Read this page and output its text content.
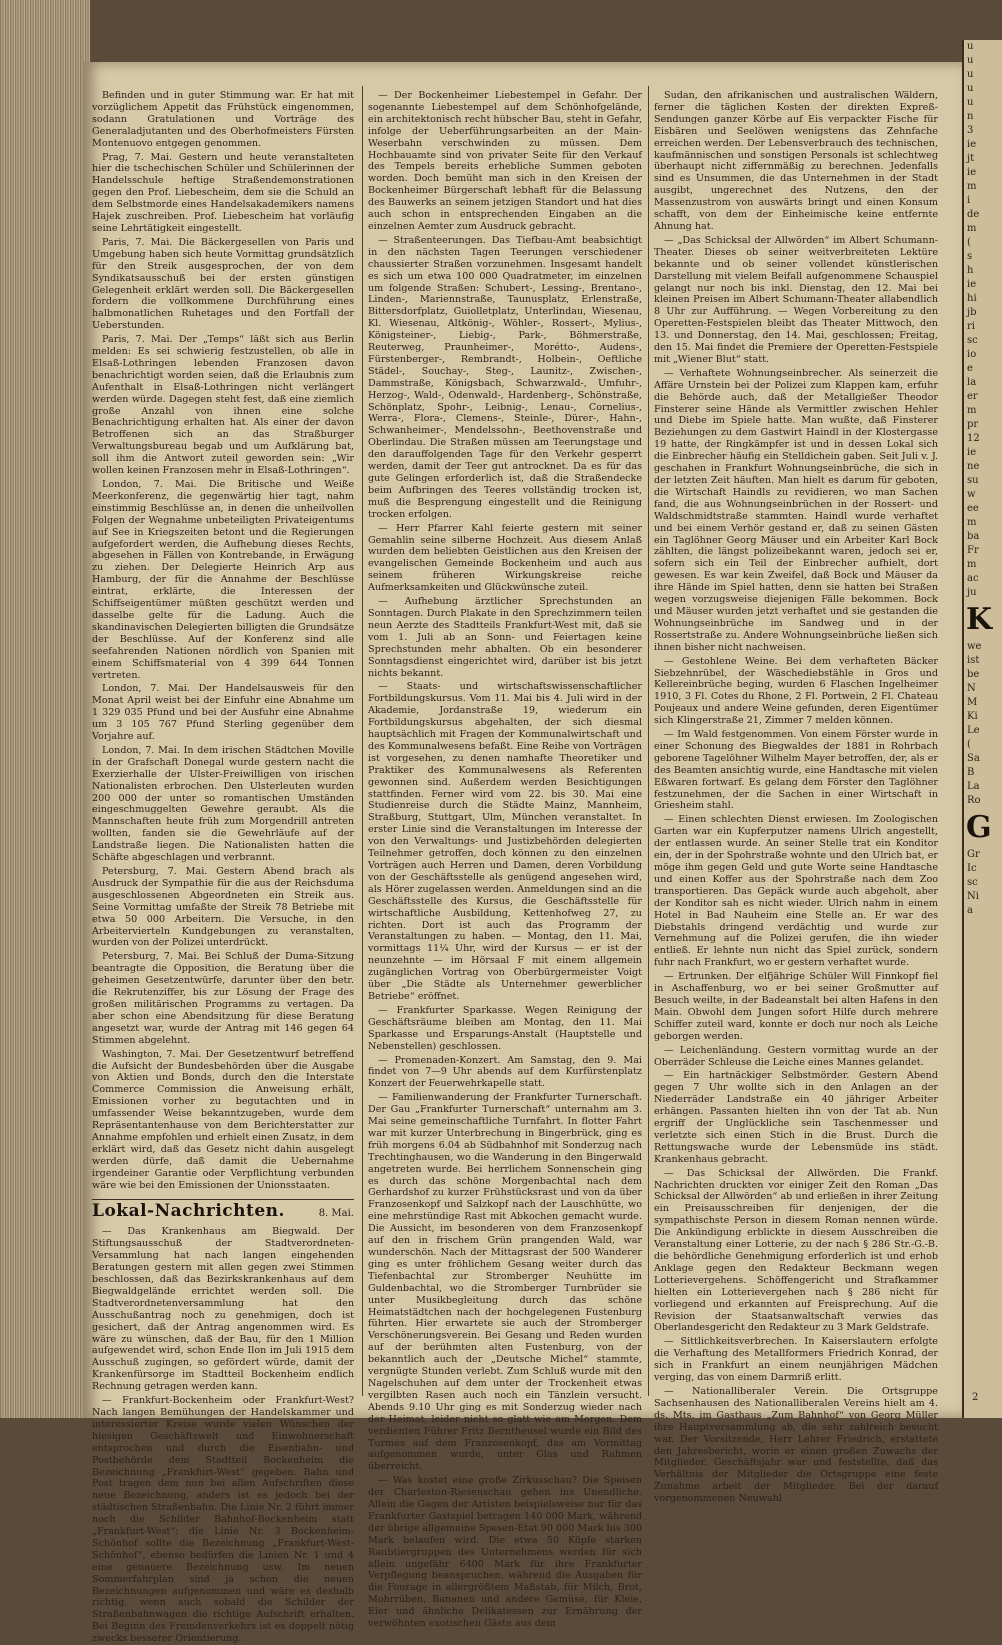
Befinden und in guter Stimmung war. Er hat mit vorzüglichem Appetit das Frühstück eingenommen, sodann Gratulationen und Vorträge des Generaladjutanten und des Oberhofmeisters Fürsten Montenuovo entgegen genommen.

Prag, 7. Mai. Gestern und heute veranstalteten hier die tschechischen Schüler und Schülerinnen der Handelsschule heftige Straßendemonstrationen gegen den Prof. Liebescheim, dem sie die Schuld an dem Selbstmorde eines Handelsakademikers namens Hajek zuschreiben. Prof. Liebescheim hat vorläufig seine Lehrtätigkeit eingestellt.

Paris, 7. Mai. Die Bäckergesellen von Paris und Umgebung haben sich heute Vormittag grundsätzlich für den Streik ausgesprochen, der von dem Syndikatsausschuß bei der ersten günstigen Gelegenheit erklärt werden soll. Die Bäckergesellen fordern die vollkommene Durchführung eines halbmonatlichen Ruhetages und den Fortfall der Ueberstunden.

Paris, 7. Mai. Der „Temps“ läßt sich aus Berlin melden: Es sei schwierig festzustellen, ob alle in Elsaß-Lothringen lebenden Franzosen davon benachrichtigt worden seien, daß die Erlaubnis zum Aufenthalt in Elsaß-Lothringen nicht verlängert werden würde. Dagegen steht fest, daß eine ziemlich große Anzahl von ihnen eine solche Benachrichtigung erhalten hat. Als einer der davon Betroffenen sich an das Straßburger Verwaltungsbureau begab und um Aufklärung bat, soll ihm die Antwort zuteil geworden sein: „Wir wollen keinen Franzosen mehr in Elsaß-Lothringen“.

London, 7. Mai. Die Britische und Weiße Meerkonferenz, die gegenwärtig hier tagt, nahm einstimmig Beschlüsse an, in denen die unheilvollen Folgen der Wegnahme unbeteiligten Privateigentums auf See in Kriegszeiten betont und die Regierungen aufgefordert werden, die Aufhebung dieses Rechts, abgesehen in Fällen von Kontrebande, in Erwägung zu ziehen. Der Delegierte Heinrich Arp aus Hamburg, der für die Annahme der Beschlüsse eintrat, erklärte, die Interessen der Schiffseigentümer müßten geschützt werden und dasselbe gelte für die Ladung. Auch die skandinavischen Delegierten billigten die Grundsätze der Beschlüsse. Auf der Konferenz sind alle seefahrenden Nationen nördlich von Spanien mit einem Schiffsmaterial von 4 399 644 Tonnen vertreten.

London, 7. Mai. Der Handelsausweis für den Monat April weist bei der Einfuhr eine Abnahme um 1 329 035 Pfund und bei der Ausfuhr eine Abnahme um 3 105 767 Pfund Sterling gegenüber dem Vorjahre auf.

London, 7. Mai. In dem irischen Städtchen Moville in der Grafschaft Donegal wurde gestern nacht die Exerzierhalle der Ulster-Freiwilligen von irischen Nationalisten erbrochen. Den Ulsterleuten wurden 200 000 der unter so romantischen Umständen eingeschmuggelten Gewehre geraubt. Als die Mannschaften heute früh zum Morgendrill antreten wollten, fanden sie die Gewehrläufe auf der Landstraße liegen. Die Nationalisten hatten die Schäfte abgeschlagen und verbrannt.

Petersburg, 7. Mai. Gestern Abend brach als Ausdruck der Sympathie für die aus der Reichsduma ausgeschlossenen Abgeordneten ein Streik aus. Seine Vormittag umfaßte der Streik 78 Betriebe mit etwa 50 000 Arbeitern. Die Versuche, in den Arbeitervierteln Kundgebungen zu veranstalten, wurden von der Polizei unterdrückt.

Petersburg, 7. Mai. Bei Schluß der Duma-Sitzung beantragte die Opposition, die Beratung über die geheimen Gesetzentwürfe, darunter über den betr. die Rekrutenziffer, bis zur Lösung der Frage des großen militärischen Programms zu vertagen. Da aber schon eine Abendsitzung für diese Beratung angesetzt war, wurde der Antrag mit 146 gegen 64 Stimmen abgelehnt.

Washington, 7. Mai. Der Gesetzentwurf betreffend die Aufsicht der Bundesbehörden über die Ausgabe von Aktien und Bonds, durch den die Interstate Commerce Commission die Anweisung erhält, Emissionen vorher zu begutachten und in umfassender Weise bekanntzugeben, wurde dem Repräsentantenhause von dem Berichterstatter zur Annahme empfohlen und erhielt einen Zusatz, in dem erklärt wird, daß das Gesetz nicht dahin ausgelegt werden dürfe, daß damit die Uebernahme irgendeiner Garantie oder Verpflichtung verbunden wäre wie bei den Emissionen der Unionsstaaten.

Lokal-Nachrichten.	8. Mai.

— Das Krankenhaus am Biegwald. Der Stiftungsausschuß der Stadtverordneten-Versammlung hat nach langen eingehenden Beratungen gestern mit allen gegen zwei Stimmen beschlossen, daß das Bezirkskrankenhaus auf dem Biegwaldgelände errichtet werden soll. Die Stadtverordnetenversammlung hat den Ausschußantrag noch zu genehmigen, doch ist gesichert, daß der Antrag angenommen wird. Es wäre zu wünschen, daß der Bau, für den 1 Million aufgewendet wird, schon Ende Ilon im Juli 1915 dem Ausschuß zugingen, so gefördert würde, damit der Krankenfürsorge im Stadtteil Bockenheim endlich Rechnung getragen werden kann.

— Frankfurt-Bockenheim oder Frankfurt-West? Nach langen Bemühungen der Handelskammer und interessierter Kreise wurde vielen Wünschen der hiesigen Geschäftswelt und Einwohnerschaft entsprochen und durch die Eisenbahn- und Postbehörde dem Stadtteil Bockenheim die Bezeichnung „Frankfurt-West“ gegeben. Bahn und Post tragen dem nun bei allen Aufschriften diese neue Bezeichnung, anders ist es jedoch bei der städtischen Straßenbahn. Die Linie Nr. 2 führt immer noch die Schilder Bahnhof-Bockenheim statt „Frankfurt-West“; die Linie Nr. 3 Bockenheim-Schönhof sollte die Bezeichnung „Frankfurt-West-Schönhof“, ebenso bedürfen die Linien Nr. 1 und 4 eine genauere Bezeichnung usw. Im neuen Sommerfahrplan sind ja schon die neuen Bezeichnungen aufgenommen und wäre es deshalb richtig, wenn auch sobald die Schilder der Straßenbahnwagen die richtige Aufschrift erhalten. Bei Beginn des Fremdenverkehrs ist es doppelt nötig zwecks besserer Orientierung.

— Der Bockenheimer Liebestempel in Gefahr. Der sogenannte Liebestempel auf dem Schönhofgelände, ein architektonisch recht hübscher Bau, steht in Gefahr, infolge der Ueberführungsarbeiten an der Main-Weserbahn verschwinden zu müssen. Dem Hochbauamte sind von privater Seite für den Verkauf des Tempels bereits erhebliche Summen geboten worden. Doch bemüht man sich in den Kreisen der Bockenheimer Bürgerschaft lebhaft für die Belassung des Bauwerks an seinem jetzigen Standort und hat dies auch schon in entsprechenden Eingaben an die einzelnen Aemter zum Ausdruck gebracht.

— Straßenteerungen. Das Tiefbau-Amt beabsichtigt in den nächsten Tagen Teerungen verschiedener chaussierter Straßen vorzunehmen. Insgesamt handelt es sich um etwa 100 000 Quadratmeter, im einzelnen um folgende Straßen: Schubert-, Lessing-, Brentano-, Linden-, Mariennstraße, Taunusplatz, Erlenstraße, Bittersdorfplatz, Guiolletplatz, Unterlindau, Wiesenau, Kl. Wiesenau, Altkönig-, Wöhler-, Rossert-, Mylius-, Königsteiner-, Liebig-, Park-, Böhmerstraße, Reuterweg, Praunheimer-, Morétto-, Audens-, Fürstenberger-, Rembrandt-, Holbein-, Oeftliche Städel-, Souchay-, Steg-, Launitz-, Zwischen-, Dammstraße, Königsbach, Schwarzwald-, Umfuhr-, Herzog-, Wald-, Odenwald-, Hardenberg-, Schönstraße, Schönplatz, Spohr-, Leibnig-, Lenau-, Cornelius-, Werra-, Flora-, Clemens-, Steinle-, Dürer-, Hahn-, Schwanheimer-, Mendelssohn-, Beethovenstraße und Oberlindau. Die Straßen müssen am Teerungstage und den darauffolgenden Tage für den Verkehr gesperrt werden, damit der Teer gut antrocknet. Da es für das gute Gelingen erforderlich ist, daß die Straßendecke beim Aufbringen des Teeres vollständig trocken ist, muß die Besprengung eingestellt und die Reinigung trocken erfolgen.

— Herr Pfarrer Kahl feierte gestern mit seiner Gemahlin seine silberne Hochzeit. Aus diesem Anlaß wurden dem beliebten Geistlichen aus den Kreisen der evangelischen Gemeinde Bockenheim und auch aus seinem früheren Wirkungskreise reiche Aufmerksamkeiten und Glückwünsche zuteil.

— Aufhebung ärztlicher Sprechstunden an Sonntagen. Durch Plakate in den Sprechzimmern teilen neun Aerzte des Stadtteils Frankfurt-West mit, daß sie vom 1. Juli ab an Sonn- und Feiertagen keine Sprechstunden mehr abhalten. Ob ein besonderer Sonntagsdienst eingerichtet wird, darüber ist bis jetzt nichts bekannt.

— Staats- und wirtschaftswissenschaftlicher Fortbildungskursus. Vom 11. Mai bis 4. Juli wird in der Akademie, Jordanstraße 19, wiederum ein Fortbildungskursus abgehalten, der sich diesmal hauptsächlich mit Fragen der Kommunalwirtschaft und des Kommunalwesens befaßt. Eine Reihe von Vorträgen ist vorgesehen, zu denen namhafte Theoretiker und Praktiker des Kommunalwesens als Referenten gewonnen sind. Außerdem werden Besichtigungen stattfinden. Ferner wird vom 22. bis 30. Mai eine Studienreise durch die Städte Mainz, Mannheim, Straßburg, Stuttgart, Ulm, München veranstaltet. In erster Linie sind die Veranstaltungen im Interesse der von den Verwaltungs- und Justizbehörden delegierten Teilnehmer getroffen, doch können zu den einzelnen Vorträgen auch Herren und Damen, deren Vorbildung von der Geschäftsstelle als genügend angesehen wird, als Hörer zugelassen werden. Anmeldungen sind an die Geschäftsstelle des Kursus, die Geschäftsstelle für wirtschaftliche Ausbildung, Kettenhofweg 27, zu richten. Dort ist auch das Programm der Veranstaltungen zu haben. — Montag, den 11. Mai, vormittags 11¼ Uhr, wird der Kursus — er ist der neunzehnte — im Hörsaal F mit einem allgemein zugänglichen Vortrag von Oberbürgermeister Voigt über „Die Städte als Unternehmer gewerblicher Betriebe“ eröffnet.

— Frankfurter Sparkasse. Wegen Reinigung der Geschäftsräume bleiben am Montag, den 11. Mai Sparkasse und Ersparungs-Anstalt (Hauptstelle und Nebenstellen) geschlossen.

— Promenaden-Konzert. Am Samstag, den 9. Mai findet von 7—9 Uhr abends auf dem Kurfürstenplatz Konzert der Feuerwehrkapelle statt.

— Familienwanderung der Frankfurter Turnerschaft. Der Gau „Frankfurter Turnerschaft“ unternahm am 3. Mai seine gemeinschaftliche Turnfahrt. In flotter Fahrt war mit kurzer Unterbrechung in Bingerbrück, ging es früh morgens 6.04 ab Südbahnhof mit Sonderzug nach Trechtinghausen, wo die Wanderung in den Bingerwald angetreten wurde. Bei herrlichem Sonnenschein ging es durch das schöne Morgenbachtal nach dem Gerhardshof zu kurzer Frühstücksrast und von da über Franzosenkopf und Salzkopf nach der Lauschhütte, wo eine mehrstündige Rast mit Abkochen gemacht wurde. Die Aussicht, im besonderen von dem Franzosenkopf auf den in frischem Grün prangenden Wald, war wunderschön. Nach der Mittagsrast der 500 Wanderer ging es unter fröhlichem Gesang weiter durch das Tiefenbachtal zur Stromberger Neuhütte im Guldenbachtal, wo die Stromberger Turnbrüder sie unter Musikbegleitung durch das schöne Heimatstädtchen nach der hochgelegenen Fustenburg führten. Hier erwartete sie auch der Stromberger Verschönerungsverein. Bei Gesang und Reden wurden auf der berühmten alten Fustenburg, von der bekanntlich auch der „Deutsche Michel“ stammte, vergnügte Stunden verlebt. Zum Schluß wurde mit den Nagelschuhen auf dem unter der Trockenheit etwas vergilbten Rasen auch noch ein Tänzlein versucht. Abends 9.10 Uhr ging es mit Sonderzug wieder nach der Heimat, leider nicht so glatt wie am Morgen. Dem verdienten Führer Fritz Berntheusel wurde ein Bild des Turmes auf dem Franzosenkopf, das am Vormittag aufgenommen wurde, unter Glas und Rahmen überreicht.

— Was kostet eine große Zirkusschau? Die Speisen der Charleston-Riesenschau gehen ins Unendliche. Allein die Gagen der Artisten beispielsweise nur für das Frankfurter Gastspiel betragen 140 000 Mark, während der übrige allgemeine Spesen-Etat 90 000 Mark bis 300 Mark belaufen wird. Die etwa 50 Köpfe starken Raubtiergruppen des Unternehmens werden für sich allein ungefähr 6400 Mark für ihre Frankfurter Verpflegung beanspruchen, während die Ausgaben für die Fourage in allergrößtem Maßstab, für Milch, Brot, Mohrrüben, Bananen und andere Gemüse, für Kleie, Eier und ähnliche Delikatessen zur Ernährung der verwöhnten exotischen Gäste aus dem

Sudan, den afrikanischen und australischen Wäldern, ferner die täglichen Kosten der direkten Expreß-Sendungen ganzer Körbe auf Eis verpackter Fische für Eisbären und Seelöwen wenigstens das Zehnfache erreichen werden. Der Lebensverbrauch des technischen, kaufmännischen und sonstigen Personals ist schlechtweg überhaupt nicht ziffernmäßig zu berechnen. Jedenfalls sind es Unsummen, die das Unternehmen in der Stadt ausgibt, ungerechnet des Nutzens, den der Massenzustrom von auswärts bringt und einen Konsum schafft, von dem der Einheimische keine entfernte Ahnung hat.

— „Das Schicksal der Allwörden“ im Albert Schumann-Theater. Dieses ob seiner weitverbreiteten Lektüre bekannte und ob seiner vollendet künstlerischen Darstellung mit vielem Beifall aufgenommene Schauspiel gelangt nur noch bis inkl. Dienstag, den 12. Mai bei kleinen Preisen im Albert Schumann-Theater allabendlich 8 Uhr zur Aufführung. — Wegen Vorbereitung zu den Operetten-Festspielen bleibt das Theater Mittwoch, den 13. und Donnerstag, den 14. Mai, geschlossen; Freitag, den 15. Mai findet die Premiere der Operetten-Festspiele mit „Wiener Blut“ statt.

— Verhaftete Wohnungseinbrecher. Als seinerzeit die Affäre Urnstein bei der Polizei zum Klappen kam, erfuhr die Behörde auch, daß der Metallgießer Theodor Finsterer seine Hände als Vermittler zwischen Hehler und Diebe im Spiele hatte. Man wußte, daß Finsterer Beziehungen zu dem Gastwirt Haindl in der Klostergasse 19 hatte, der Ringkämpfer ist und in dessen Lokal sich die Einbrecher häufig ein Stelldichein gaben. Seit Juli v. J. geschahen in Frankfurt Wohnungseinbrüche, die sich in der letzten Zeit häuften. Man hielt es darum für geboten, die Wirtschaft Haindls zu revidieren, wo man Sachen fand, die aus Wohnungseinbrüchen in der Rossert- und Waldschmidtstraße stammten. Haindl wurde verhaftet und bei einem Verhör gestand er, daß zu seinen Gästen ein Taglöhner Georg Mäuser und ein Arbeiter Karl Bock zählten, die längst polizeibekannt waren, jedoch sei er, sofern sich ein Teil der Einbrecher aufhielt, dort gewesen. Es war kein Zweifel, daß Bock und Mäuser da ihre Hände im Spiel hatten, denn sie hatten bei Straßen wegen vorzugsweise diejenigen Fälle bekommen. Bock und Mäuser wurden jetzt verhaftet und sie gestanden die Wohnungseinbrüche im Sandweg und in der Rossertstraße zu. Andere Wohnungseinbrüche ließen sich ihnen bisher nicht nachweisen.

— Gestohlene Weine. Bei dem verhafteten Bäcker Siebzehnrübel, der Wäschediebstähle in Gros und Kellereinbrüche beging, wurden 6 Flaschen Ingelheimer 1910, 3 Fl. Cotes du Rhone, 2 Fl. Portwein, 2 Fl. Chateau Poujeaux und andere Weine gefunden, deren Eigentümer sich Klingerstraße 21, Zimmer 7 melden können.

— Im Wald festgenommen. Von einem Förster wurde in einer Schonung des Biegwaldes der 1881 in Rohrbach geborene Tagelöhner Wilhelm Mayer betroffen, der, als er des Beamten ansichtig wurde, eine Handtasche mit vielen Eßwaren fortwarf. Es gelang dem Förster den Taglöhner festzunehmen, der die Sachen in einer Wirtschaft in Griesheim stahl.

— Einen schlechten Dienst erwiesen. Im Zoologischen Garten war ein Kupferputzer namens Ulrich angestellt, der entlassen wurde. An seiner Stelle trat ein Konditor ein, der in der Spohrstraße wohnte und den Ulrich bat, er möge ihm gegen Geld und gute Worte seine Handtasche und einen Koffer aus der Spohrstraße nach dem Zoo transportieren. Das Gepäck wurde auch abgeholt, aber der Konditor sah es nicht wieder. Ulrich nahm in einem Hotel in Bad Nauheim eine Stelle an. Er war des Diebstahls dringend verdächtig und wurde zur Vernehmung auf die Polizei gerufen, die ihn wieder entließ. Er lehnte nun nicht das Spiel zurück, sondern fuhr nach Frankfurt, wo er gestern verhaftet wurde.

— Ertrunken. Der elfjährige Schüler Will Finnkopf fiel in Aschaffenburg, wo er bei seiner Großmutter auf Besuch weilte, in der Badeanstalt bei alten Hafens in den Main. Obwohl dem Jungen sofort Hilfe durch mehrere Schiffer zuteil ward, konnte er doch nur noch als Leiche geborgen werden.

— Leichenländung. Gestern vormittag wurde an der Oberräder Schleuse die Leiche eines Mannes gelandet.

— Ein hartnäckiger Selbstmörder. Gestern Abend gegen 7 Uhr wollte sich in den Anlagen an der Niederräder Landstraße ein 40 jähriger Arbeiter erhängen. Passanten hielten ihn von der Tat ab. Nun ergriff der Unglückliche sein Taschenmesser und verletzte sich einen Stich in die Brust. Durch die Rettungswache wurde der Lebensmüde ins städt. Krankenhaus gebracht.

— Das Schicksal der Allwörden. Die Frankf. Nachrichten druckten vor einiger Zeit den Roman „Das Schicksal der Allwörden“ ab und erließen in ihrer Zeitung ein Preisausschreiben für denjenigen, der die sympathischste Person in diesem Roman nennen würde. Die Ankündigung erblickte in diesem Ausschreiben die Veranstaltung einer Lotterie, zu der nach § 286 Str.-G.-B. die behördliche Genehmigung erforderlich ist und erhob Anklage gegen den Redakteur Beckmann wegen Lotterievergehens. Schöffengericht und Strafkammer hielten ein Lotterievergehen nach § 286 nicht für vorliegend und erkannten auf Freisprechung. Auf die Revision der Staatsanwaltschaft verwies das Oberlandesgericht den Redakteur zu 3 Mark Geldstrafe.

— Sittlichkeitsverbrechen. In Kaiserslautern erfolgte die Verhaftung des Metallformers Friedrich Konrad, der sich in Frankfurt an einem neunjährigen Mädchen verging, das von einem Darmriß erlitt.

— Nationalliberaler Verein. Die Ortsgruppe Sachsenhausen des Nationalliberalen Vereins hielt am 4. ds. Mts. im Gasthaus „Zum Bahnhof“ von Georg Müller ihre Hauptversammlung ab, die sehr zahlreich besucht war. Der Vorsitzende, Herr Lehrer Friedrich, erstattete den Jahresbericht, worin er einen großen Zuwachs der Mitglieder. Geschäftsjahr war und feststellte, daß das Verhältnis der Mitglieder die Ortsgruppe eine feste Zunahme arbeit der Mitglieder. Bei der darauf vorgenommenen Neuwahl

u
u
u
u
u
n
3
ie
jt
ie
m
i
de
m
(
s
h
ie
hi
jb
ri
sc
io
e
la
er
m
pr
12
ie
ne
su
w
ee
m
ba
Fr
m
ac
ju
K
we
ist
be
N
M
Ki
Le
(
Sa
B
La
Ro
G
Gr
Ic
sc
Ni
a
2
